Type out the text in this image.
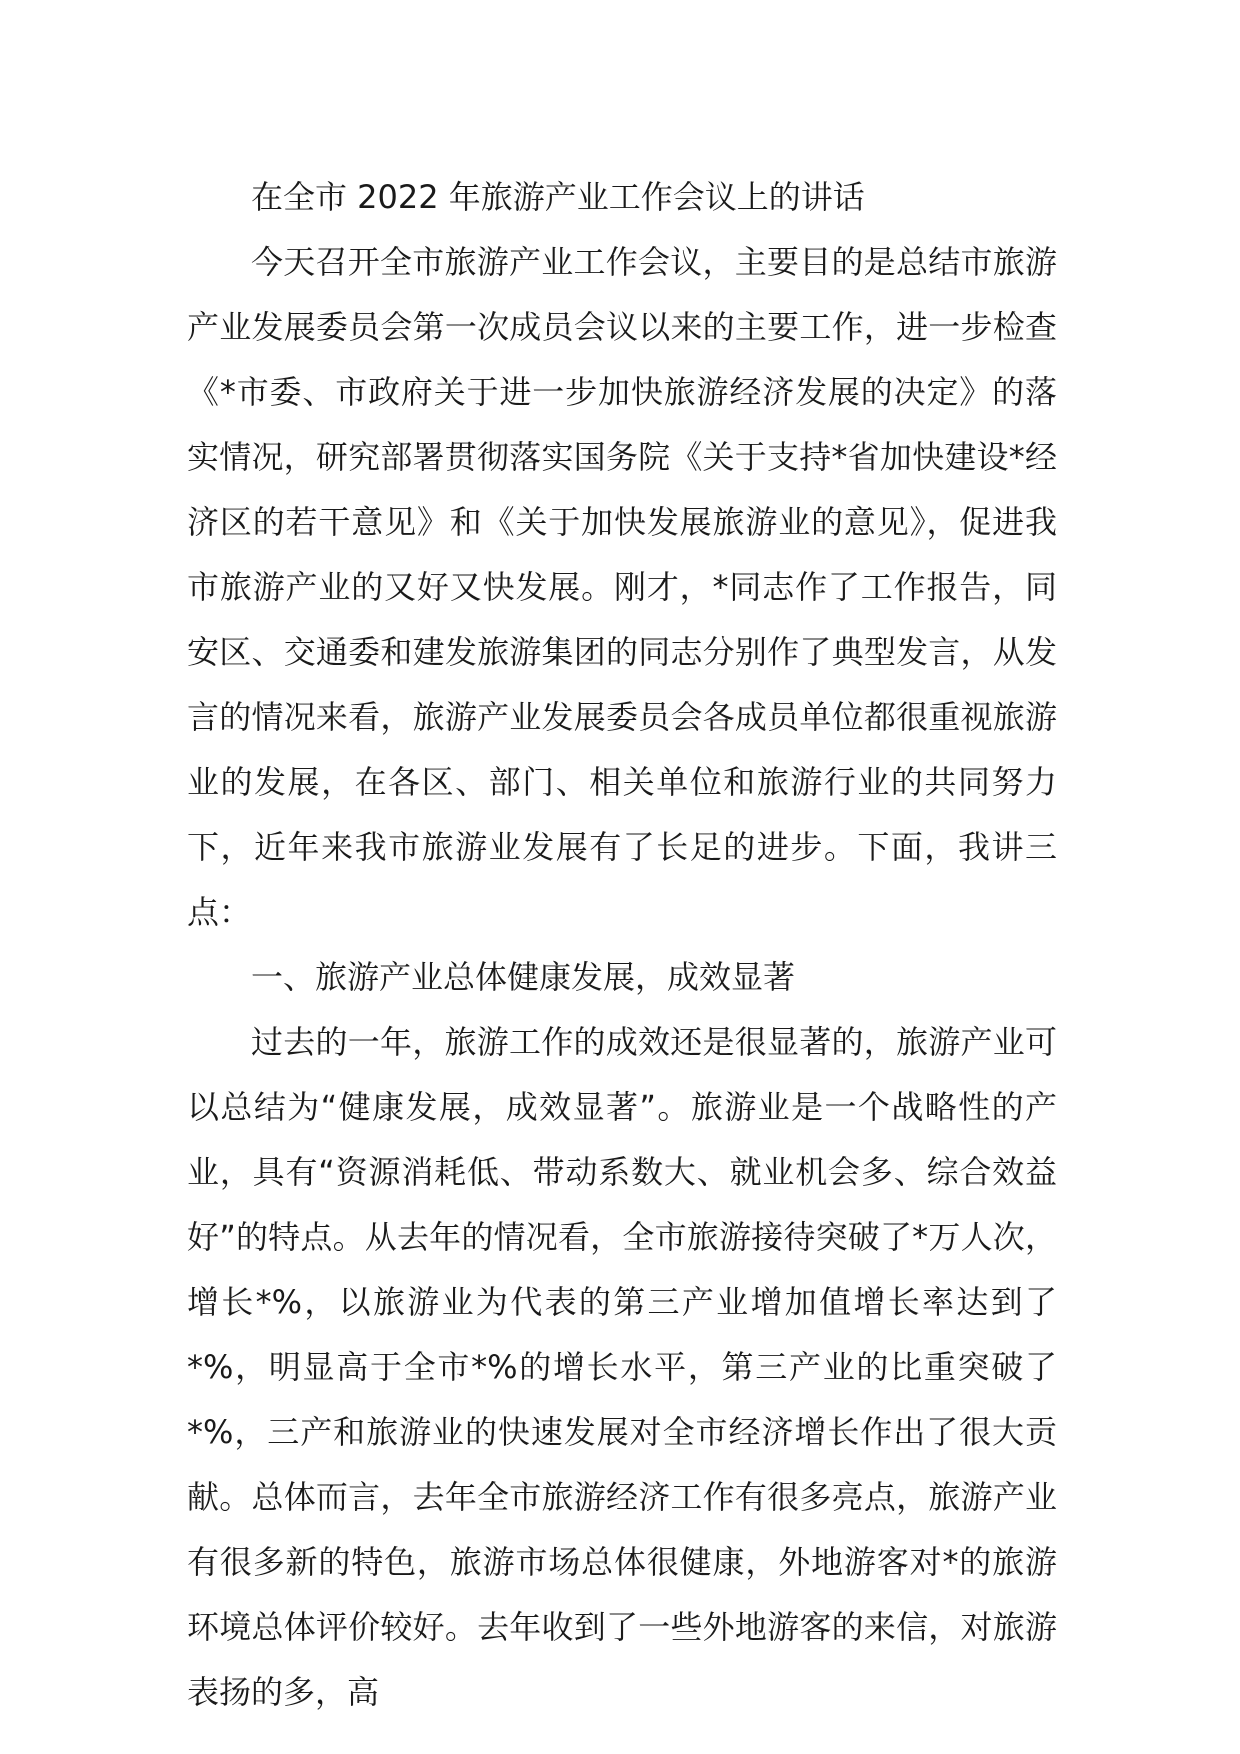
在全市 2022 年旅游产业工作会议上的讲话

今天召开全市旅游产业工作会议，主要目的是总结市旅游产业发展委员会第一次成员会议以来的主要工作，进一步检查《*市委、市政府关于进一步加快旅游经济发展的决定》的落实情况，研究部署贯彻落实国务院《关于支持*省加快建设*经济区的若干意见》和《关于加快发展旅游业的意见》，促进我市旅游产业的又好又快发展。刚才，*同志作了工作报告，同安区、交通委和建发旅游集团的同志分别作了典型发言，从发言的情况来看，旅游产业发展委员会各成员单位都很重视旅游业的发展，在各区、部门、相关单位和旅游行业的共同努力下，近年来我市旅游业发展有了长足的进步。下面，我讲三点：

一、旅游产业总体健康发展，成效显著

过去的一年，旅游工作的成效还是很显著的，旅游产业可以总结为“健康发展，成效显著”。旅游业是一个战略性的产业，具有“资源消耗低、带动系数大、就业机会多、综合效益好”的特点。从去年的情况看，全市旅游接待突破了*万人次，增长*%，以旅游业为代表的第三产业增加值增长率达到了*%，明显高于全市*%的增长水平，第三产业的比重突破了*%，三产和旅游业的快速发展对全市经济增长作出了很大贡献。总体而言，去年全市旅游经济工作有很多亮点，旅游产业有很多新的特色，旅游市场总体很健康，外地游客对*的旅游环境总体评价较好。去年收到了一些外地游客的来信，对旅游表扬的多，高
